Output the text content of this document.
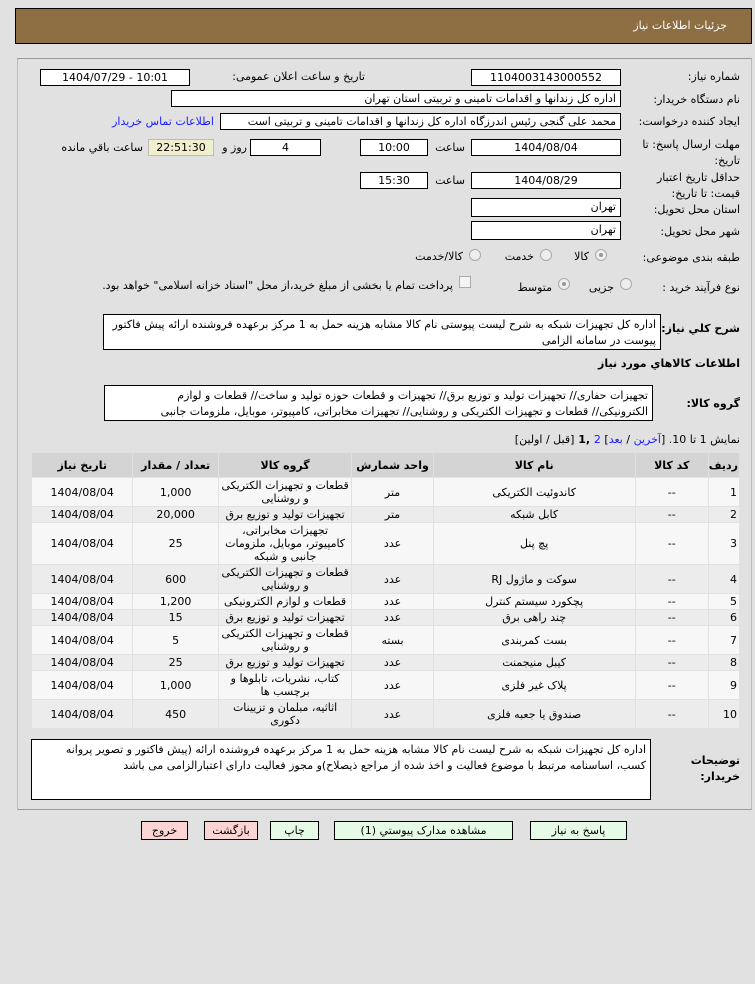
جزئیات اطلاعات نیاز
شماره نیاز:
1104003143000552
تاریخ و ساعت اعلان عمومی:
1404/07/29 - 10:01
نام دستگاه خریدار:
اداره کل زندانها و اقدامات تامینی و تربیتی استان تهران
ایجاد کننده درخواست:
محمد علی گنجی رئیس اندرزگاه اداره کل زندانها و اقدامات تامینی و تربیتی است
اطلاعات تماس خریدار
مهلت ارسال پاسخ: تا تاریخ:
1404/08/04
ساعت
10:00
4
روز و
22:51:30
ساعت باقي مانده
حداقل تاریخ اعتبار قیمت: تا تاریخ:
1404/08/29
ساعت
15:30
استان محل تحویل:
تهران
شهر محل تحویل:
تهران
طبقه بندی موضوعی:
کالا
خدمت
کالا/خدمت
نوع فرآیند خرید :
جزیی
متوسط
پرداخت تمام یا بخشی از مبلغ خرید،از محل "اسناد خزانه اسلامی" خواهد بود.
شرح کلي نیاز:
اداره کل تجهیزات شبکه به شرح لیست پیوستی نام کالا مشابه هزینه حمل به 1 مرکز برعهده فروشنده ارائه پیش فاکتور پیوست در سامانه الزامی
اطلاعات کالاهاي مورد نیاز
گروه کالا:
تجهیزات حفاری// تجهیزات تولید و توزیع برق// تجهیزات و قطعات حوزه تولید و ساخت// قطعات و لوازم الکترونیکی// قطعات و تجهیزات الکتریکی و روشنایی// تجهیزات مخابراتی، کامپیوتر، موبایل، ملزومات جانبی
نمایش 1 تا 10. [آخرین / بعد] 2 ,1 [قبل / اولین]
ردیف	کد کالا	نام کالا	واحد شمارش	گروه کالا	تعداد / مقدار	تاریخ نیاز
1	--	کاندوئیت الکتریکی	متر	قطعات و تجهیزات الکتریکی و روشنایی	1,000	1404/08/04
2	--	کابل شبکه	متر	تجهیزات تولید و توزیع برق	20,000	1404/08/04
3	--	پچ پنل	عدد	تجهیزات مخابراتی، کامپیوتر، موبایل، ملزومات جانبی و شبکه	25	1404/08/04
4	--	سوکت و ماژول RJ	عدد	قطعات و تجهیزات الکتریکی و روشنایی	600	1404/08/04
5	--	پچکورد سیستم کنترل	عدد	قطعات و لوازم الکترونیکی	1,200	1404/08/04
6	--	چند راهی برق	عدد	تجهیزات تولید و توزیع برق	15	1404/08/04
7	--	بست کمربندی	بسته	قطعات و تجهیزات الکتریکی و روشنایی	5	1404/08/04
8	--	کیبل منیجمنت	عدد	تجهیزات تولید و توزیع برق	25	1404/08/04
9	--	پلاک غیر فلزی	عدد	کتاب، نشریات، تابلوها و برچسب ها	1,000	1404/08/04
10	--	صندوق یا جعبه فلزی	عدد	اثاثیه، مبلمان و تزیینات دکوری	450	1404/08/04
توضیحات خریدار:
اداره کل تجهیزات شبکه به شرح لیست نام کالا مشابه هزینه حمل به 1 مرکز برعهده فروشنده ارائه (پیش فاکتور و تصویر پروانه کسب، اساسنامه مرتبط با موضوع فعالیت و اخذ شده از مراجع ذیصلاح)و مجوز فعالیت دارای اعتبارالزامی می باشد
پاسخ به نیاز
مشاهده مدارک پیوستي (1)
چاپ
بازگشت
خروج
